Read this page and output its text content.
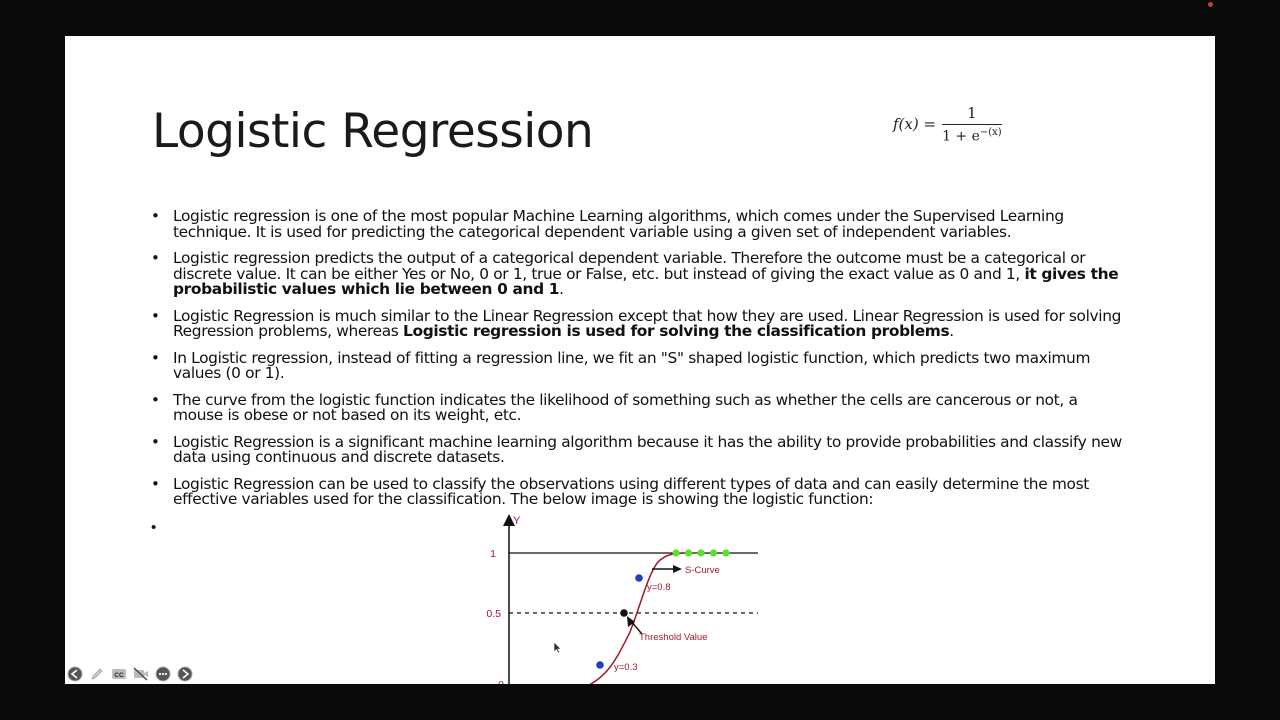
Logistic Regression	$f(x) = \frac{1}{1 + e^{-(x)}}$
• Logistic regression is one of the most popular Machine Learning algorithms, which comes under the Supervised Learning technique. It is used for predicting the categorical dependent variable using a given set of independent variables.
• Logistic regression predicts the output of a categorical dependent variable. Therefore the outcome must be a categorical or discrete value. It can be either Yes or No, 0 or 1, true or False, etc. but instead of giving the exact value as 0 and 1, it gives the probabilistic values which lie between 0 and 1.
• Logistic Regression is much similar to the Linear Regression except that how they are used. Linear Regression is used for solving Regression problems, whereas Logistic regression is used for solving the classification problems.
• In Logistic regression, instead of fitting a regression line, we fit an "S" shaped logistic function, which predicts two maximum values (0 or 1).
• The curve from the logistic function indicates the likelihood of something such as whether the cells are cancerous or not, a mouse is obese or not based on its weight, etc.
• Logistic Regression is a significant machine learning algorithm because it has the ability to provide probabilities and classify new data using continuous and discrete datasets.
• Logistic Regression can be used to classify the observations using different types of data and can easily determine the most effective variables used for the classification. The below image is showing the logistic function:
•	Y
1
0.5
0
y=0.8
y=0.3
S-Curve
Threshold Value
CC
